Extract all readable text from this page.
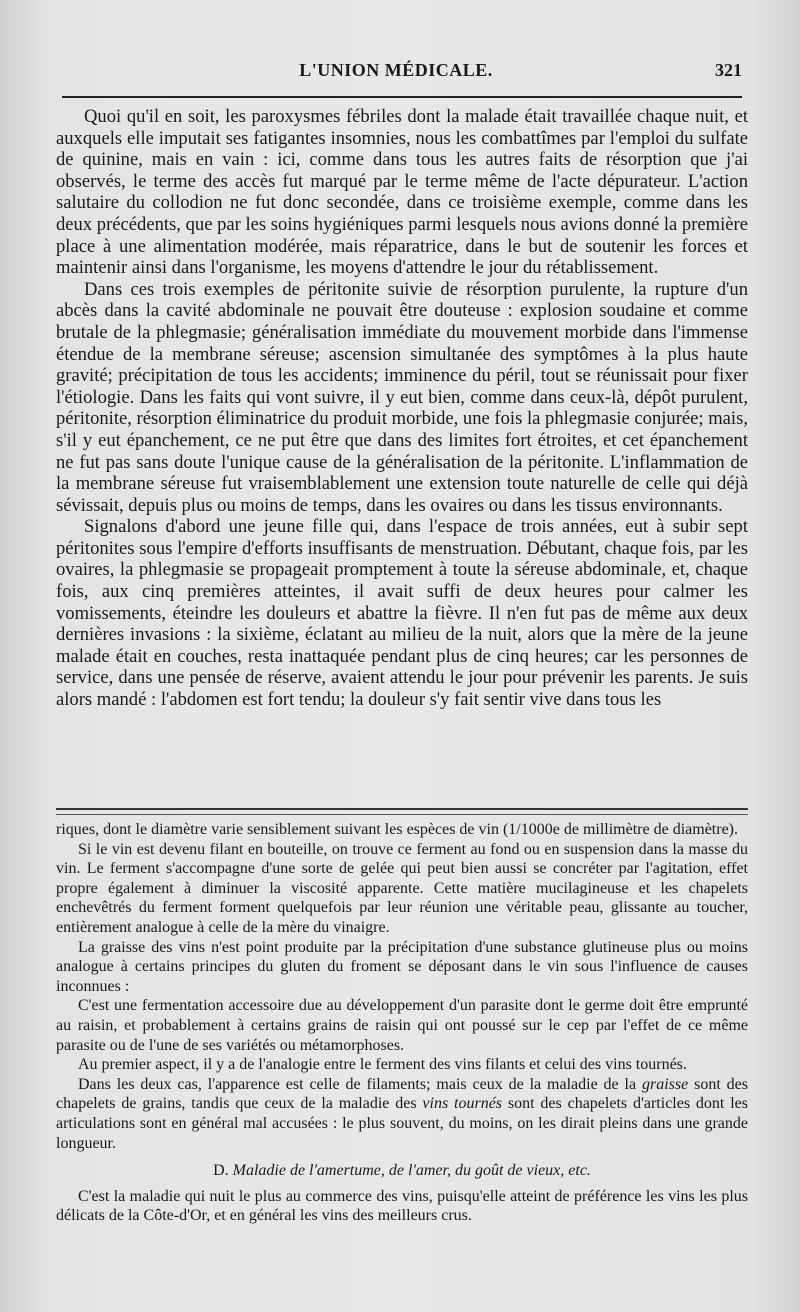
L'UNION MÉDICALE.	321

Quoi qu'il en soit, les paroxysmes fébriles dont la malade était travaillée chaque nuit, et auxquels elle imputait ses fatigantes insomnies, nous les combattîmes par l'emploi du sulfate de quinine, mais en vain : ici, comme dans tous les autres faits de résorption que j'ai observés, le terme des accès fut marqué par le terme même de l'acte dépurateur. L'action salutaire du collodion ne fut donc secondée, dans ce troisième exemple, comme dans les deux précédents, que par les soins hygiéniques parmi lesquels nous avions donné la première place à une alimentation modérée, mais réparatrice, dans le but de soutenir les forces et maintenir ainsi dans l'organisme, les moyens d'attendre le jour du rétablissement.

Dans ces trois exemples de péritonite suivie de résorption purulente, la rupture d'un abcès dans la cavité abdominale ne pouvait être douteuse : explosion soudaine et comme brutale de la phlegmasie; généralisation immédiate du mouvement morbide dans l'immense étendue de la membrane séreuse; ascension simultanée des symptômes à la plus haute gravité; précipitation de tous les accidents; imminence du péril, tout se réunissait pour fixer l'étiologie. Dans les faits qui vont suivre, il y eut bien, comme dans ceux-là, dépôt purulent, péritonite, résorption éliminatrice du produit morbide, une fois la phlegmasie conjurée; mais, s'il y eut épanchement, ce ne put être que dans des limites fort étroites, et cet épanchement ne fut pas sans doute l'unique cause de la généralisation de la péritonite. L'inflammation de la membrane séreuse fut vraisemblablement une extension toute naturelle de celle qui déjà sévissait, depuis plus ou moins de temps, dans les ovaires ou dans les tissus environnants.

Signalons d'abord une jeune fille qui, dans l'espace de trois années, eut à subir sept péritonites sous l'empire d'efforts insuffisants de menstruation. Débutant, chaque fois, par les ovaires, la phlegmasie se propageait promptement à toute la séreuse abdominale, et, chaque fois, aux cinq premières atteintes, il avait suffi de deux heures pour calmer les vomissements, éteindre les douleurs et abattre la fièvre. Il n'en fut pas de même aux deux dernières invasions : la sixième, éclatant au milieu de la nuit, alors que la mère de la jeune malade était en couches, resta inattaquée pendant plus de cinq heures; car les personnes de service, dans une pensée de réserve, avaient attendu le jour pour prévenir les parents. Je suis alors mandé : l'abdomen est fort tendu; la douleur s'y fait sentir vive dans tous les

riques, dont le diamètre varie sensiblement suivant les espèces de vin (1/1000e de millimètre de diamètre).

Si le vin est devenu filant en bouteille, on trouve ce ferment au fond ou en suspension dans la masse du vin. Le ferment s'accompagne d'une sorte de gelée qui peut bien aussi se concréter par l'agitation, effet propre également à diminuer la viscosité apparente. Cette matière mucilagineuse et les chapelets enchevêtrés du ferment forment quelquefois par leur réunion une véritable peau, glissante au toucher, entièrement analogue à celle de la mère du vinaigre.

La graisse des vins n'est point produite par la précipitation d'une substance glutineuse plus ou moins analogue à certains principes du gluten du froment se déposant dans le vin sous l'influence de causes inconnues :

C'est une fermentation accessoire due au développement d'un parasite dont le germe doit être emprunté au raisin, et probablement à certains grains de raisin qui ont poussé sur le cep par l'effet de ce même parasite ou de l'une de ses variétés ou métamorphoses.

Au premier aspect, il y a de l'analogie entre le ferment des vins filants et celui des vins tournés.

Dans les deux cas, l'apparence est celle de filaments; mais ceux de la maladie de la graisse sont des chapelets de grains, tandis que ceux de la maladie des vins tournés sont des chapelets d'articles dont les articulations sont en général mal accusées : le plus souvent, du moins, on les dirait pleins dans une grande longueur.

D. Maladie de l'amertume, de l'amer, du goût de vieux, etc.

C'est la maladie qui nuit le plus au commerce des vins, puisqu'elle atteint de préférence les vins les plus délicats de la Côte-d'Or, et en général les vins des meilleurs crus.
